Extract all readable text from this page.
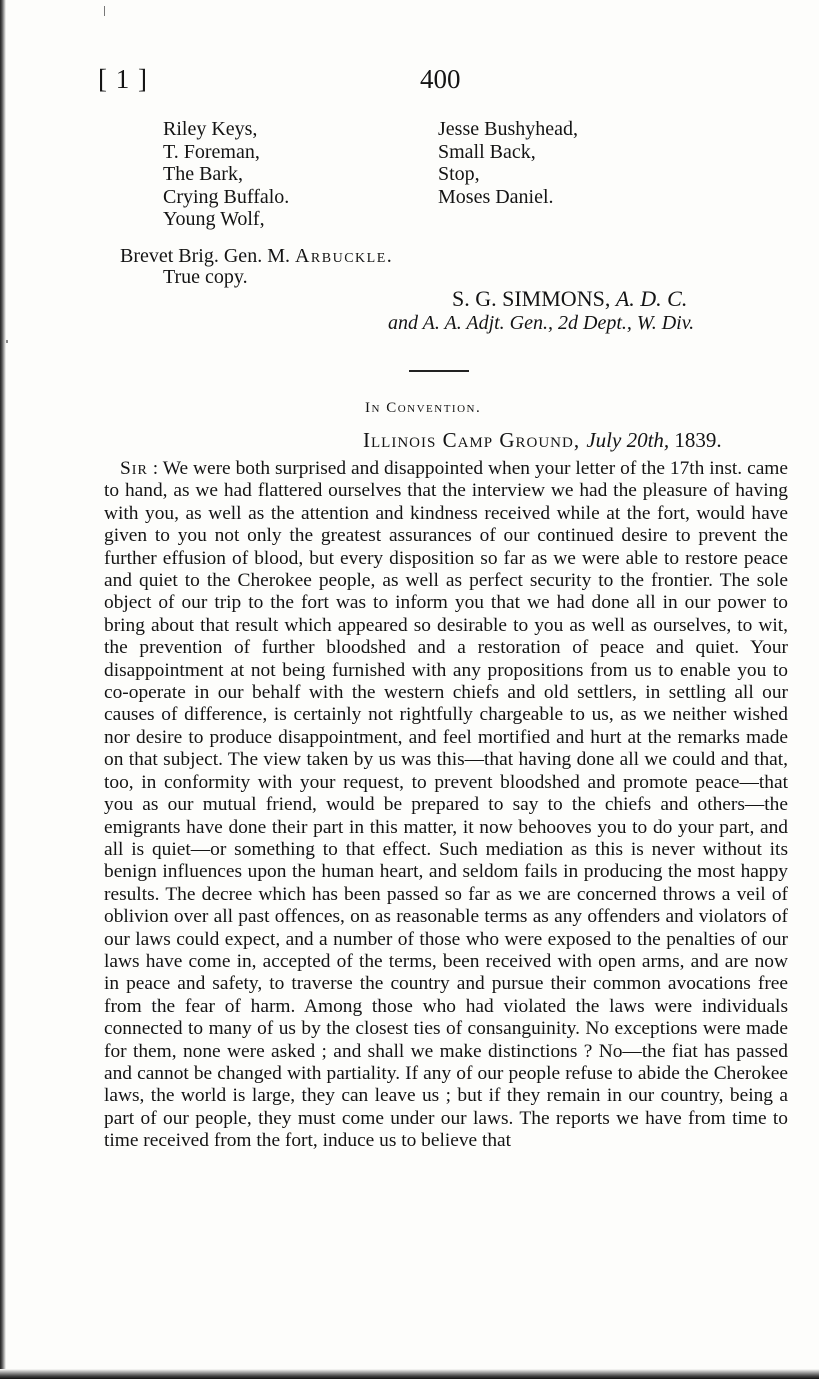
[ 1 ]	400
Riley Keys,
T. Foreman,
The Bark,
Crying Buffalo.
Young Wolf,
Jesse Bushyhead,
Small Back,
Stop,
Moses Daniel.
Brevet Brig. Gen. M. Arbuckle.
True copy.
S. G. SIMMONS, A. D. C.
and A. A. Adjt. Gen., 2d Dept., W. Div.
In Convention.
Illinois Camp Ground, July 20th, 1839.

Sir : We were both surprised and disappointed when your letter of the 17th inst. came to hand, as we had flattered ourselves that the interview we had the pleasure of having with you, as well as the attention and kindness received while at the fort, would have given to you not only the greatest assurances of our continued desire to prevent the further effusion of blood, but every disposition so far as we were able to restore peace and quiet to the Cherokee people, as well as perfect security to the frontier. The sole object of our trip to the fort was to inform you that we had done all in our power to bring about that result which appeared so desirable to you as well as ourselves, to wit, the prevention of further bloodshed and a restoration of peace and quiet. Your disappointment at not being furnished with any propositions from us to enable you to co-operate in our behalf with the western chiefs and old settlers, in settling all our causes of difference, is certainly not rightfully chargeable to us, as we neither wished nor desire to produce disappointment, and feel mortified and hurt at the remarks made on that subject. The view taken by us was this—that having done all we could and that, too, in conformity with your request, to prevent bloodshed and promote peace—that you as our mutual friend, would be prepared to say to the chiefs and others—the emigrants have done their part in this matter, it now behooves you to do your part, and all is quiet—or something to that effect. Such mediation as this is never without its benign influences upon the human heart, and seldom fails in producing the most happy results. The decree which has been passed so far as we are concerned throws a veil of oblivion over all past offences, on as reasonable terms as any offenders and violators of our laws could expect, and a number of those who were exposed to the penalties of our laws have come in, accepted of the terms, been received with open arms, and are now in peace and safety, to traverse the country and pursue their common avocations free from the fear of harm. Among those who had violated the laws were individuals connected to many of us by the closest ties of consanguinity. No exceptions were made for them, none were asked ; and shall we make distinctions ? No—the fiat has passed and cannot be changed with partiality. If any of our people refuse to abide the Cherokee laws, the world is large, they can leave us ; but if they remain in our country, being a part of our people, they must come under our laws. The reports we have from time to time received from the fort, induce us to believe that
